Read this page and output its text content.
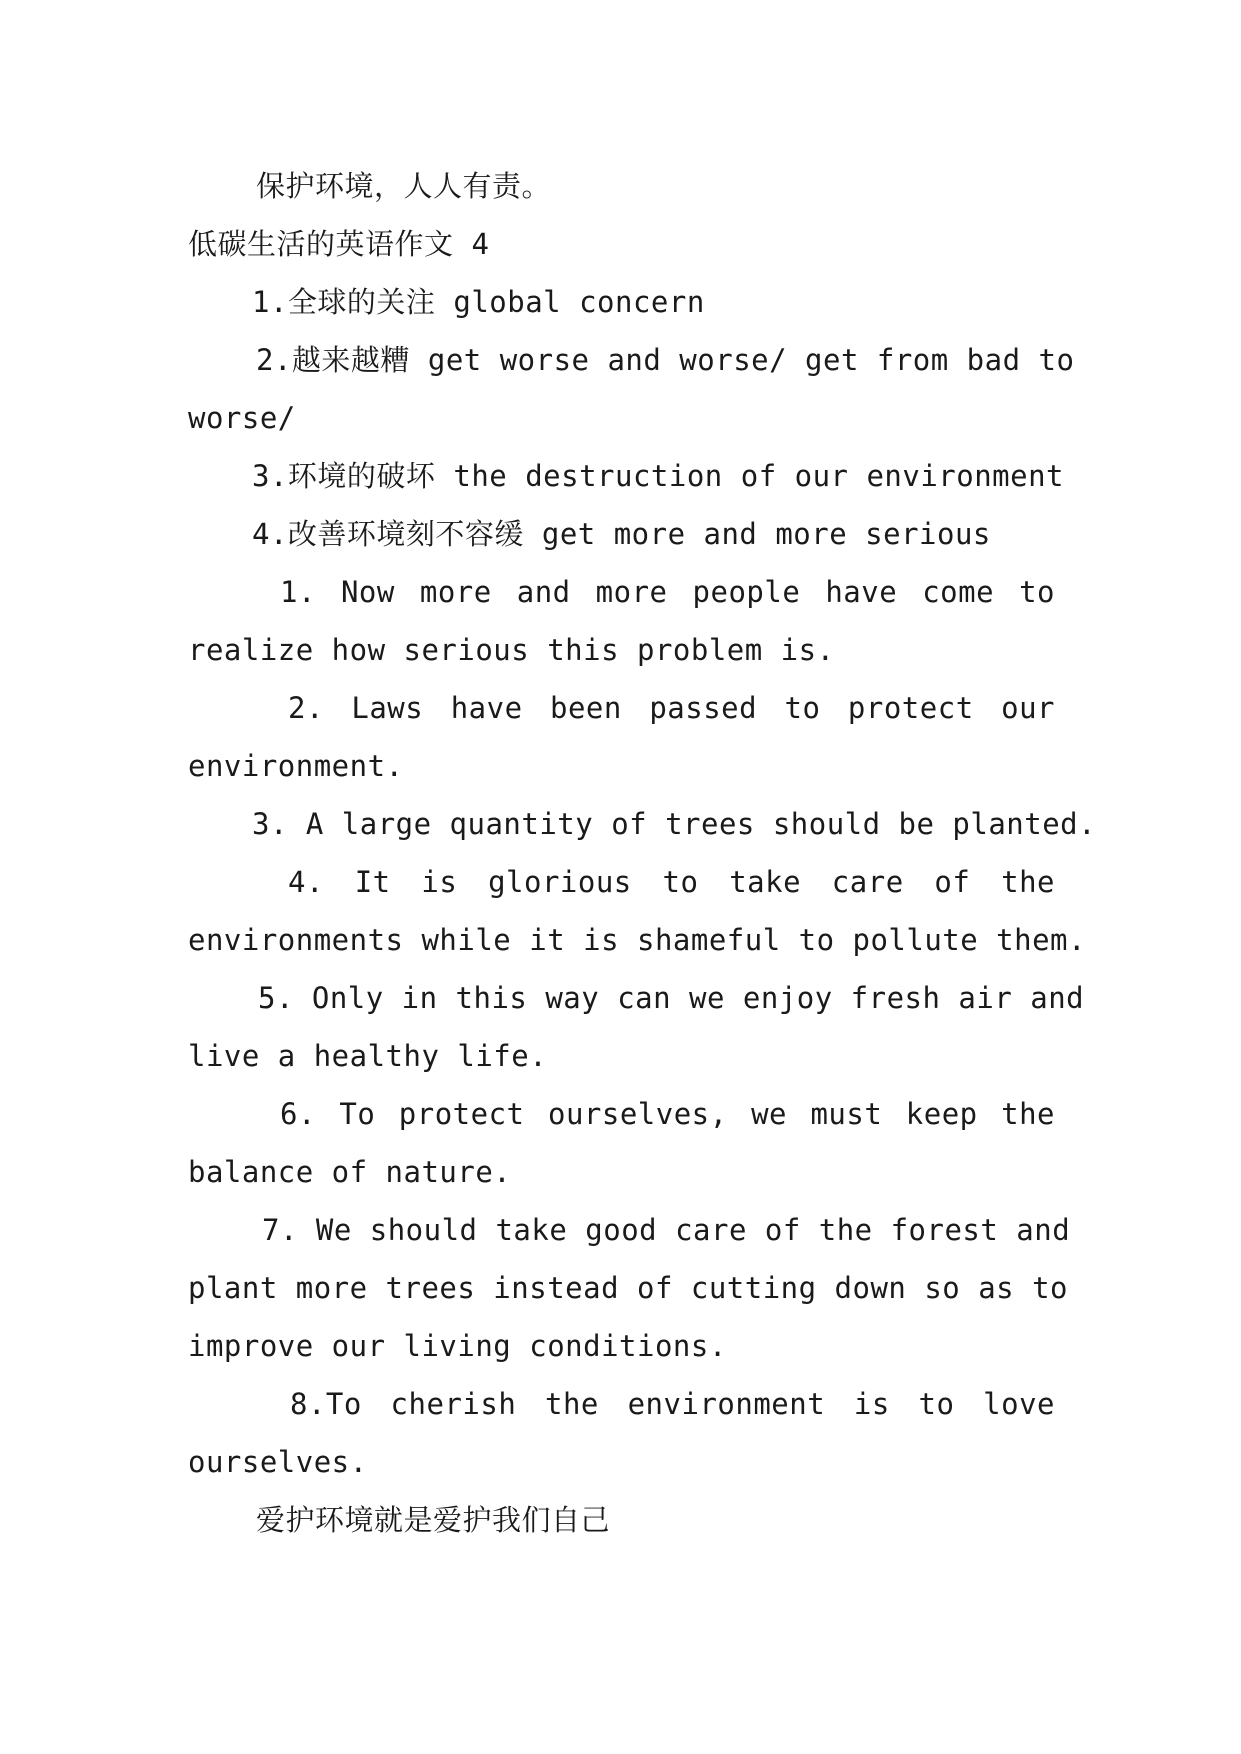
保护环境，人人有责。
低碳生活的英语作文 4
1.全球的关注 global concern
2.越来越糟 get worse and worse/ get from bad to
worse/
3.环境的破坏 the destruction of our environment
4.改善环境刻不容缓 get more and more serious
1. Now more and more people have come to
realize how serious this problem is.
2. Laws have been passed to protect our
environment.
3. A large quantity of trees should be planted.
4. It is glorious to take care of the
environments while it is shameful to pollute them.
5. Only in this way can we enjoy fresh air and
live a healthy life.
6. To protect ourselves, we must keep the
balance of nature.
7. We should take good care of the forest and
plant more trees instead of cutting down so as to
improve our living conditions.
8.To cherish the environment is to love
ourselves.
爱护环境就是爱护我们自己
